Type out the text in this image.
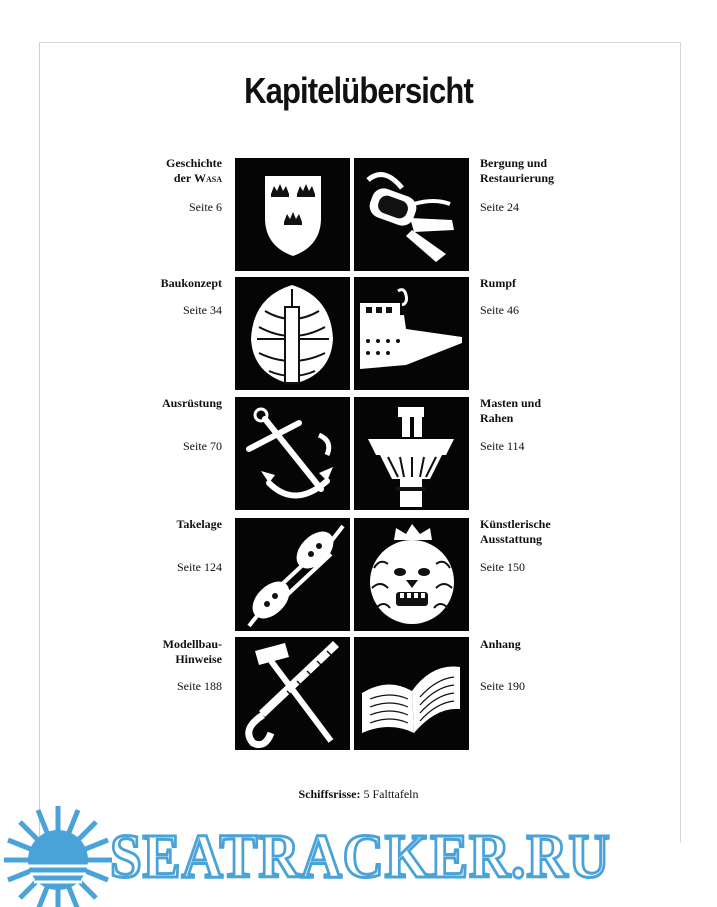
Kapitelübersicht
Geschichte
der Wasa
Seite 6
Bergung und
Restaurierung
Seite 24
Baukonzept
Seite 34
Rumpf
Seite 46
Ausrüstung
Seite 70
Masten und
Rahen
Seite 114
Takelage
Seite 124
Künstlerische
Ausstattung
Seite 150
Modellbau-
Hinweise
Seite 188
Anhang
Seite 190
Schiffsrisse: 5 Falttafeln
SEATRACKER.RU
